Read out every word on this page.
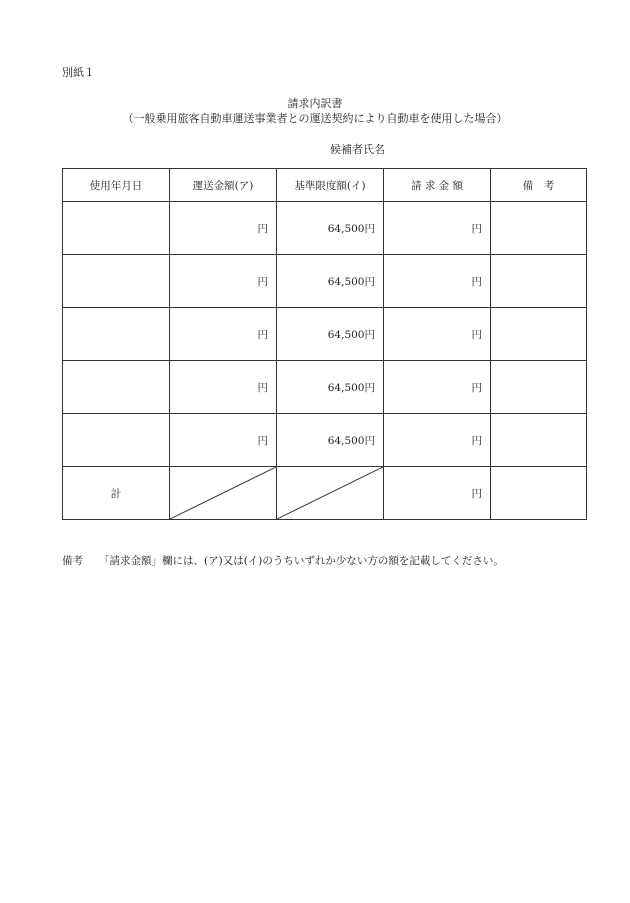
別紙１
請求内訳書
（一般乗用旅客自動車運送事業者との運送契約により自動車を使用した場合）
候補者氏名
使用年月日	運送金額(ア)	基準限度額(イ)	請 求 金 額	備　考
	円	64,500円	円	
	円	64,500円	円	
	円	64,500円	円	
	円	64,500円	円	
	円	64,500円	円	
計			円	
備考 「請求金額」欄には、(ア)又は(イ)のうちいずれか少ない方の額を記載してください。
